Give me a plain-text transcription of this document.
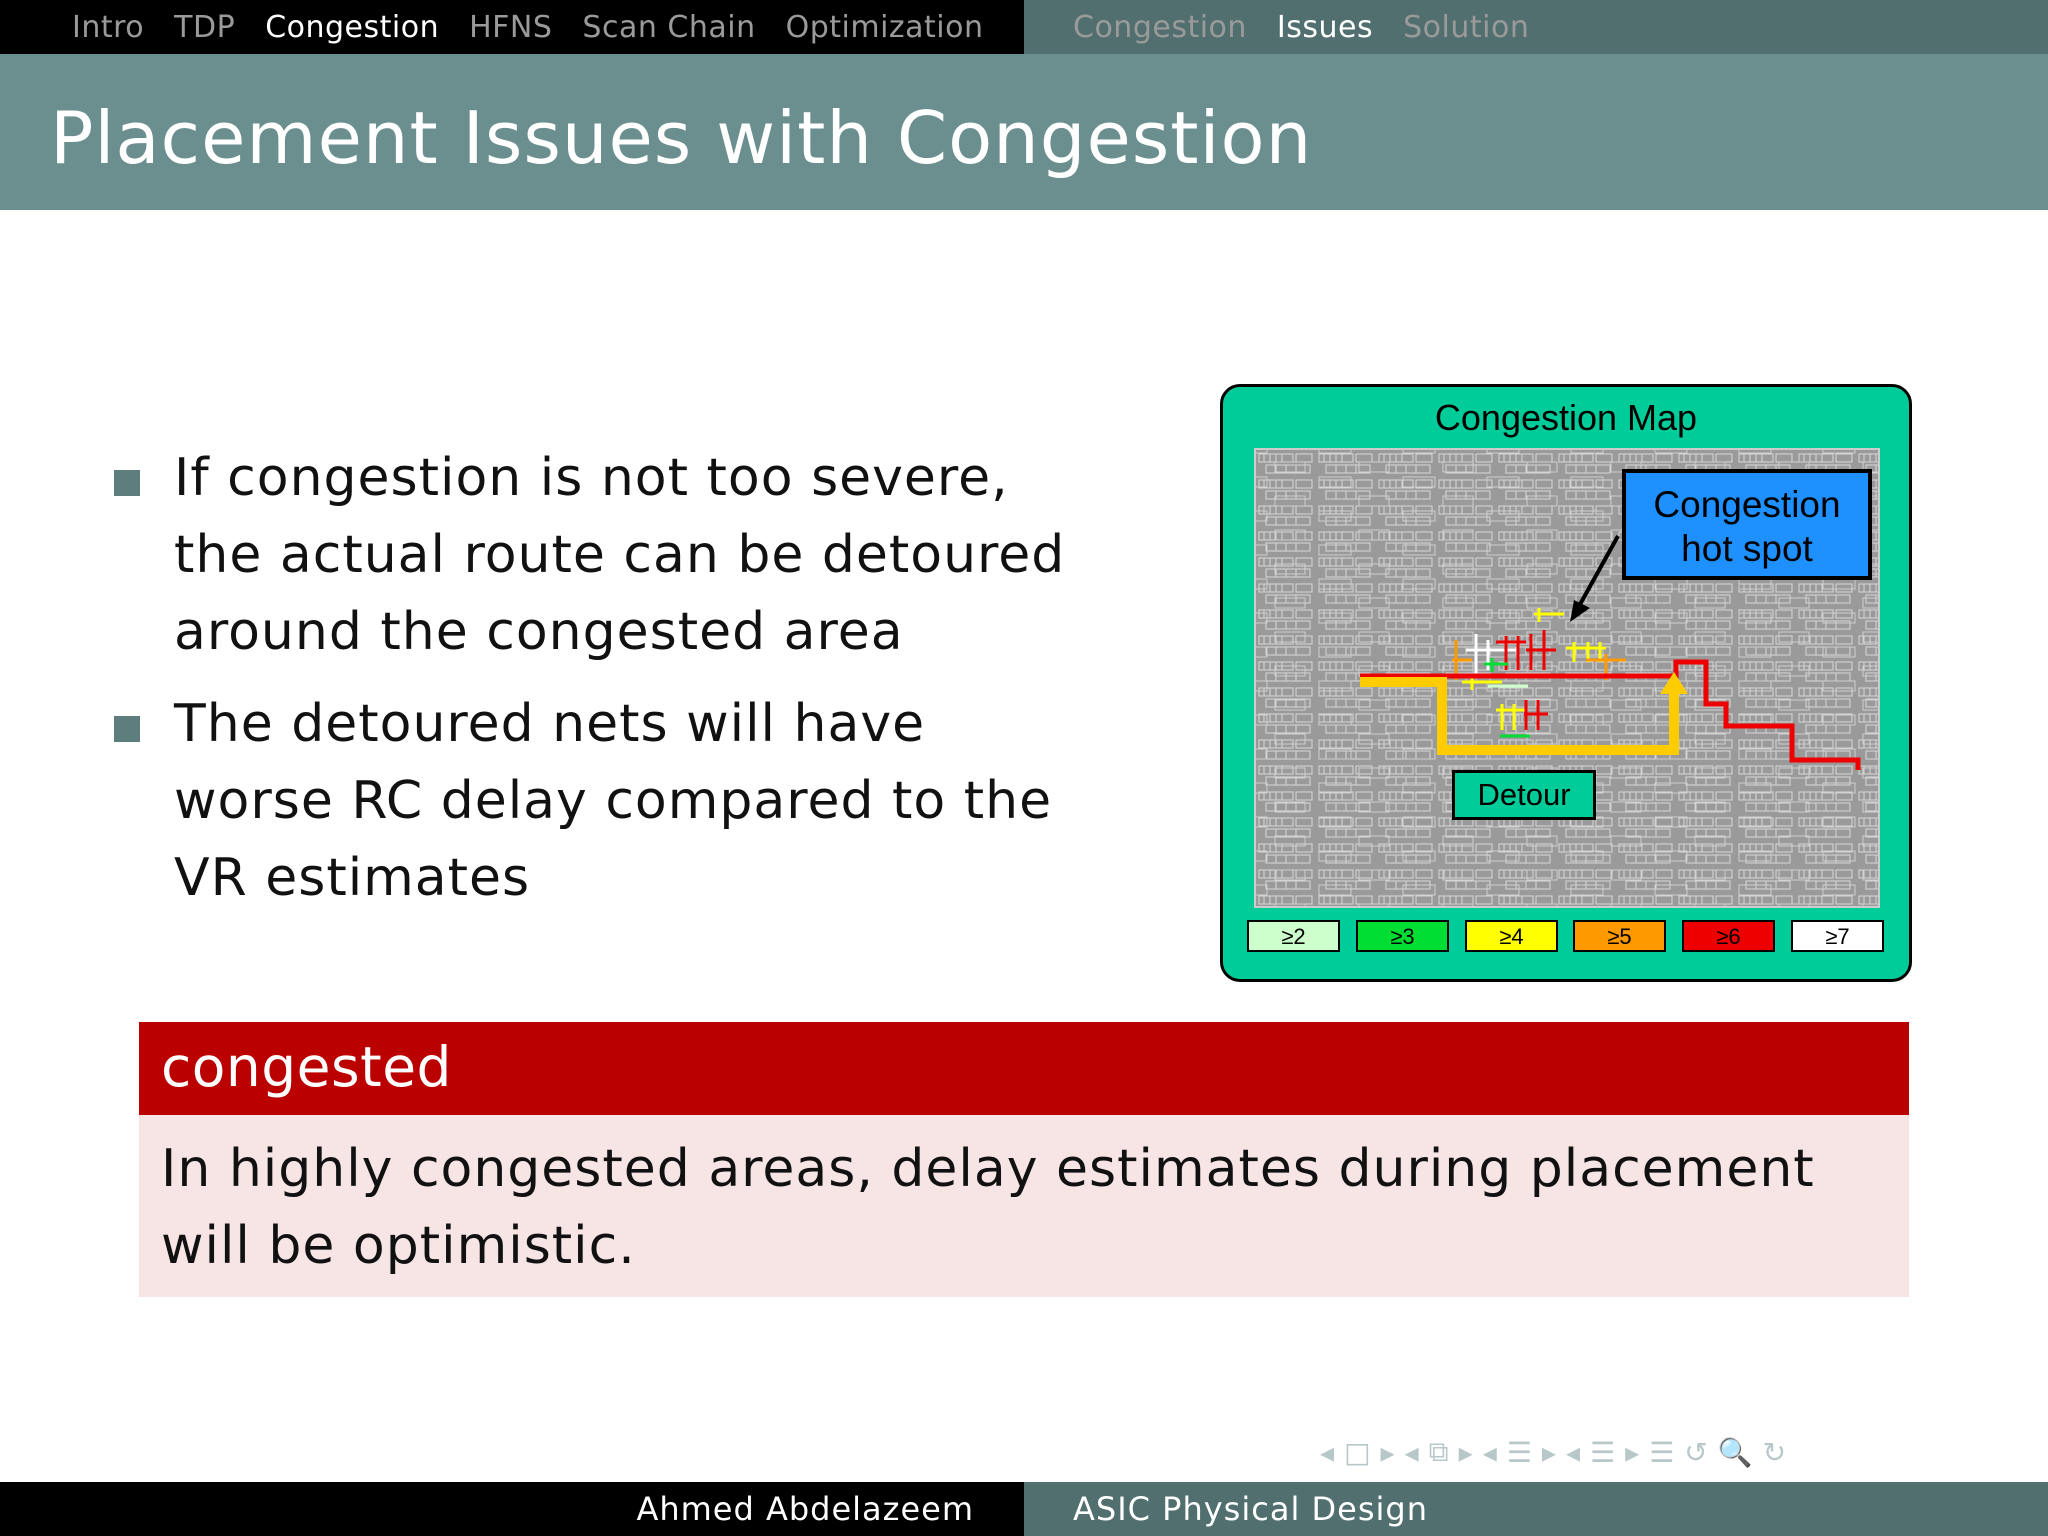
Intro TDP Congestion HFNS Scan Chain Optimization	Congestion Issues Solution
Placement Issues with Congestion
If congestion is not too severe, the actual route can be detoured around the congested area
The detoured nets will have worse RC delay compared to the VR estimates
Congestion Map
Congestion hot spot
Detour
≥2	≥3	≥4	≥5	≥6	≥7
congested
In highly congested areas, delay estimates during placement will be optimistic.
◂ □ ▸ ◂ ⧉ ▸ ◂ ☰ ▸ ◂ ☰ ▸ ☰ ↺ 🔍 ↻
Ahmed Abdelazeem	ASIC Physical Design
